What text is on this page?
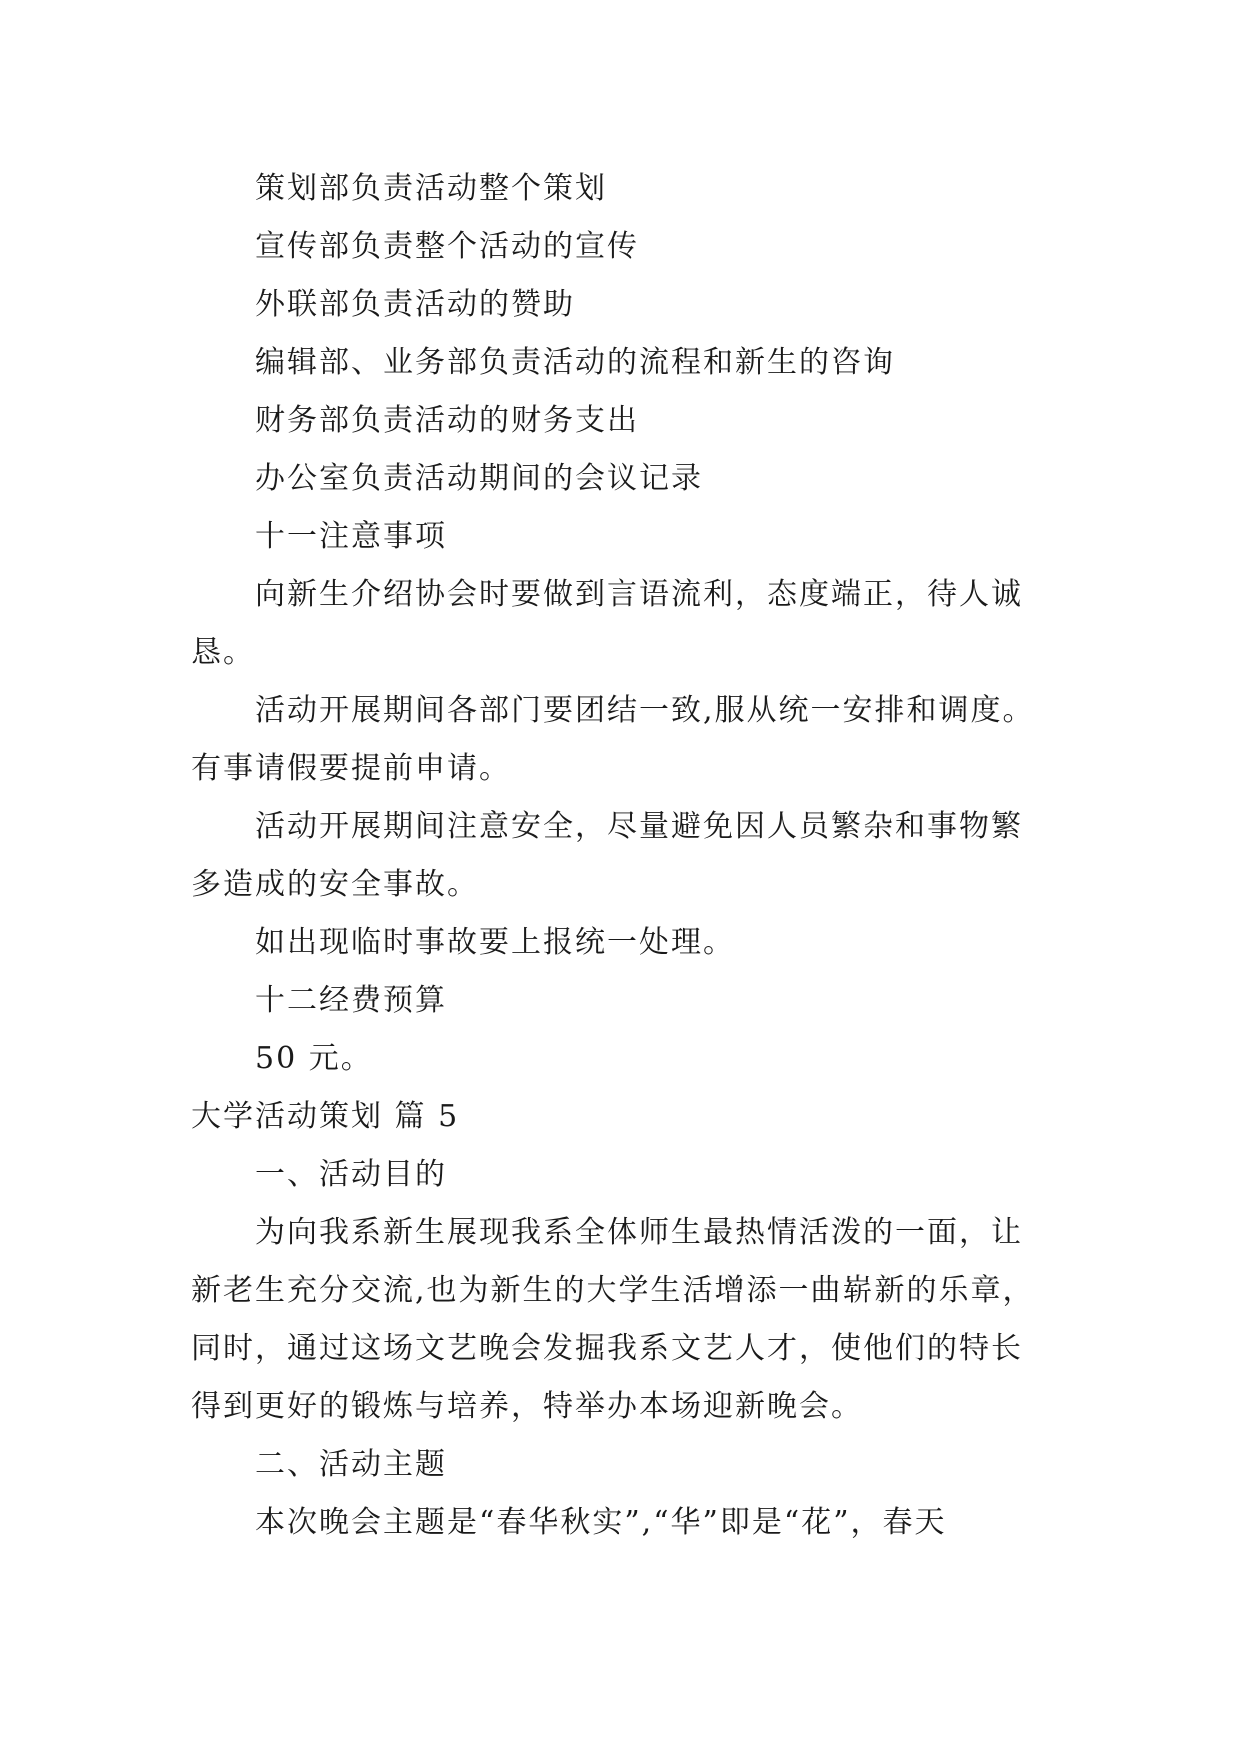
策划部负责活动整个策划

宣传部负责整个活动的宣传

外联部负责活动的赞助

编辑部、业务部负责活动的流程和新生的咨询

财务部负责活动的财务支出

办公室负责活动期间的会议记录

十一注意事项

向新生介绍协会时要做到言语流利，态度端正，待人诚恳。

活动开展期间各部门要团结一致,服从统一安排和调度。有事请假要提前申请。

活动开展期间注意安全，尽量避免因人员繁杂和事物繁多造成的安全事故。

如出现临时事故要上报统一处理。

十二经费预算

50 元。

大学活动策划 篇 5

一、活动目的

为向我系新生展现我系全体师生最热情活泼的一面，让新老生充分交流,也为新生的大学生活增添一曲崭新的乐章，同时，通过这场文艺晚会发掘我系文艺人才，使他们的特长得到更好的锻炼与培养，特举办本场迎新晚会。

二、活动主题

本次晚会主题是“春华秋实”,“华”即是“花”，春天
